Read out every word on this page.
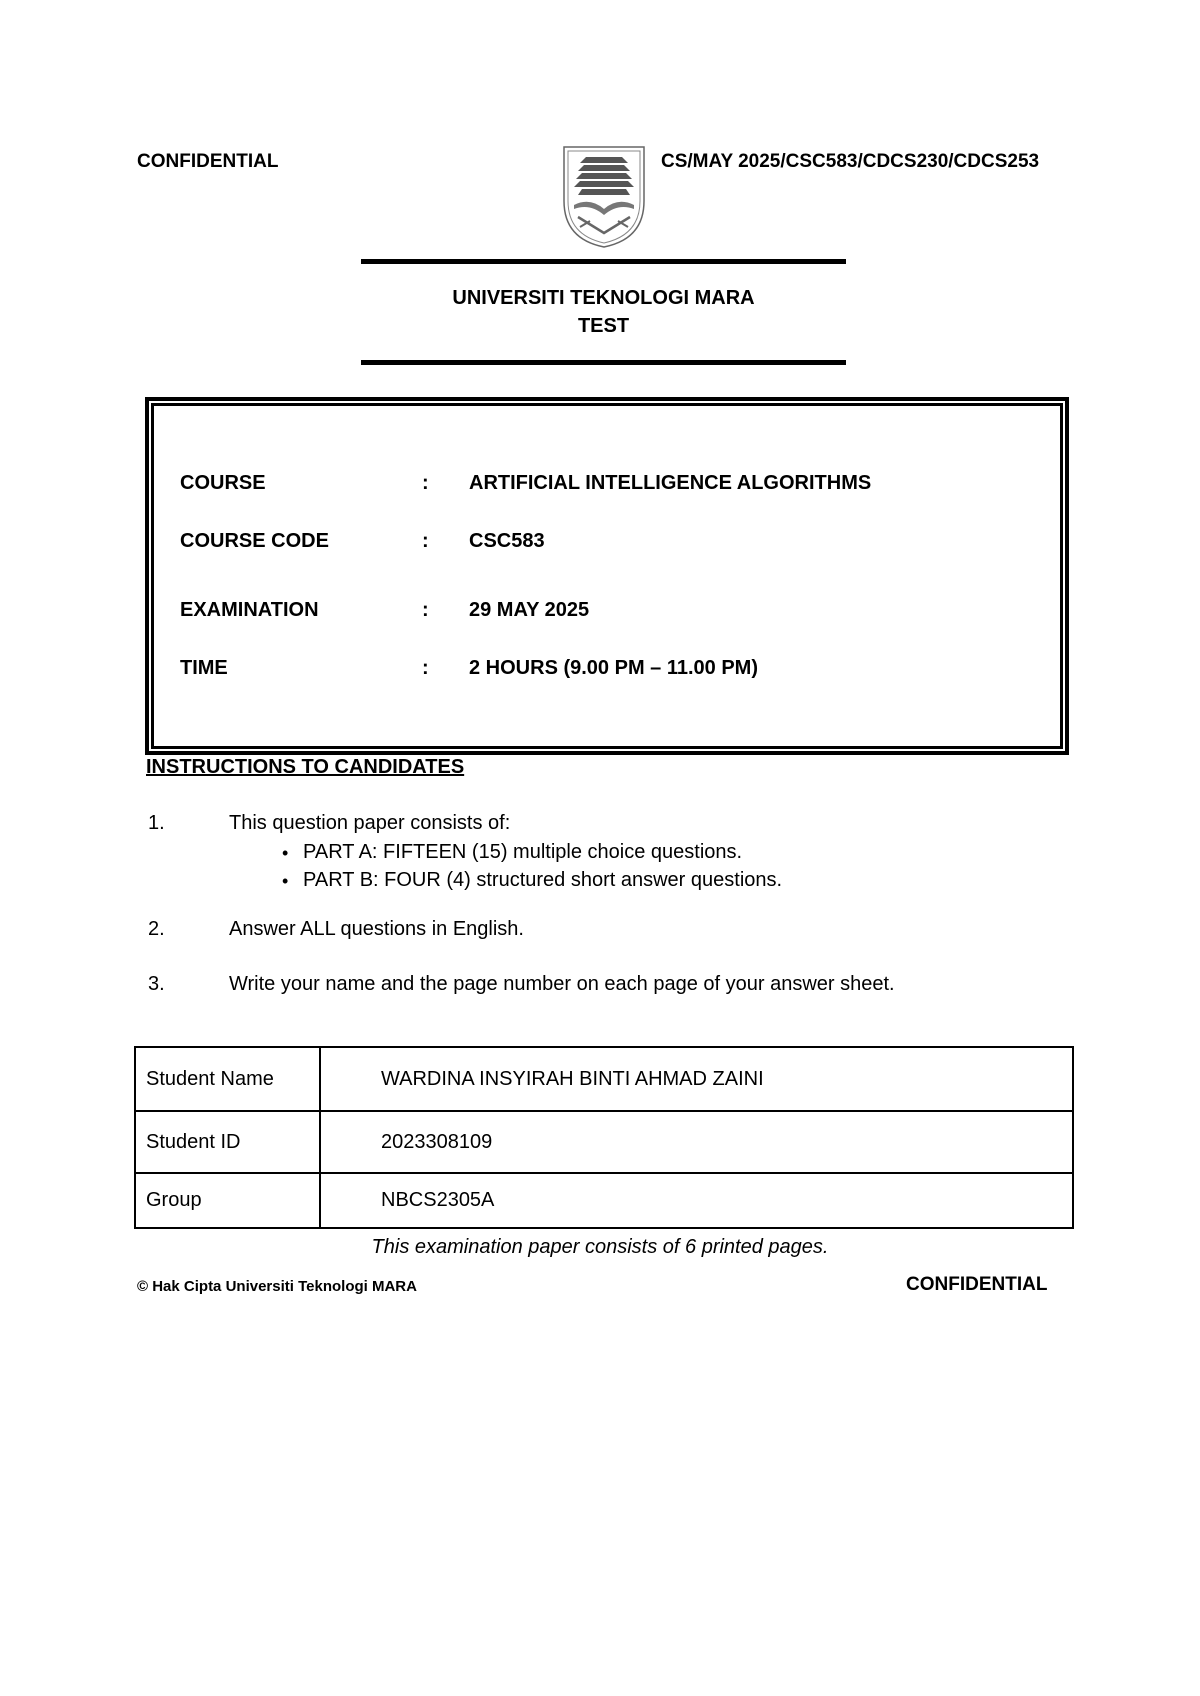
CONFIDENTIAL	CS/MAY 2025/CSC583/CDCS230/CDCS253
UNIVERSITI TEKNOLOGI MARA
TEST
COURSE	: ARTIFICIAL INTELLIGENCE ALGORITHMS
COURSE CODE	: CSC583
EXAMINATION	: 29 MAY 2025
TIME	: 2 HOURS (9.00 PM – 11.00 PM)
INSTRUCTIONS TO CANDIDATES
1.	This question paper consists of:
• PART A: FIFTEEN (15) multiple choice questions.
• PART B: FOUR (4) structured short answer questions.
2.	Answer ALL questions in English.
3.	Write your name and the page number on each page of your answer sheet.
Student Name	WARDINA INSYIRAH BINTI AHMAD ZAINI
Student ID	2023308109
Group	NBCS2305A
This examination paper consists of 6 printed pages.
© Hak Cipta Universiti Teknologi MARA	CONFIDENTIAL
